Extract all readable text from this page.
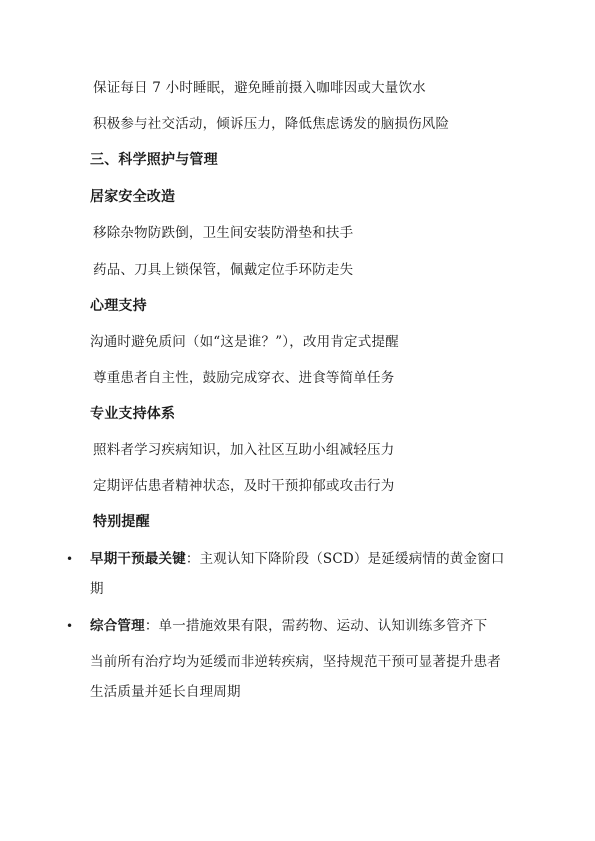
保证每日 7 小时睡眠，避免睡前摄入咖啡因或大量饮水
积极参与社交活动，倾诉压力，降低焦虑诱发的脑损伤风险
三、科学照护与管理
居家安全改造
移除杂物防跌倒，卫生间安装防滑垫和扶手
药品、刀具上锁保管，佩戴定位手环防走失
心理支持
沟通时避免质问（如“这是谁？”），改用肯定式提醒
尊重患者自主性，鼓励完成穿衣、进食等简单任务
专业支持体系
照料者学习疾病知识，加入社区互助小组减轻压力
定期评估患者精神状态，及时干预抑郁或攻击行为
特别提醒
• 早期干预最关键：主观认知下降阶段（SCD）是延缓病情的黄金窗口
期
• 综合管理：单一措施效果有限，需药物、运动、认知训练多管齐下
当前所有治疗均为延缓而非逆转疾病，坚持规范干预可显著提升患者
生活质量并延长自理周期
